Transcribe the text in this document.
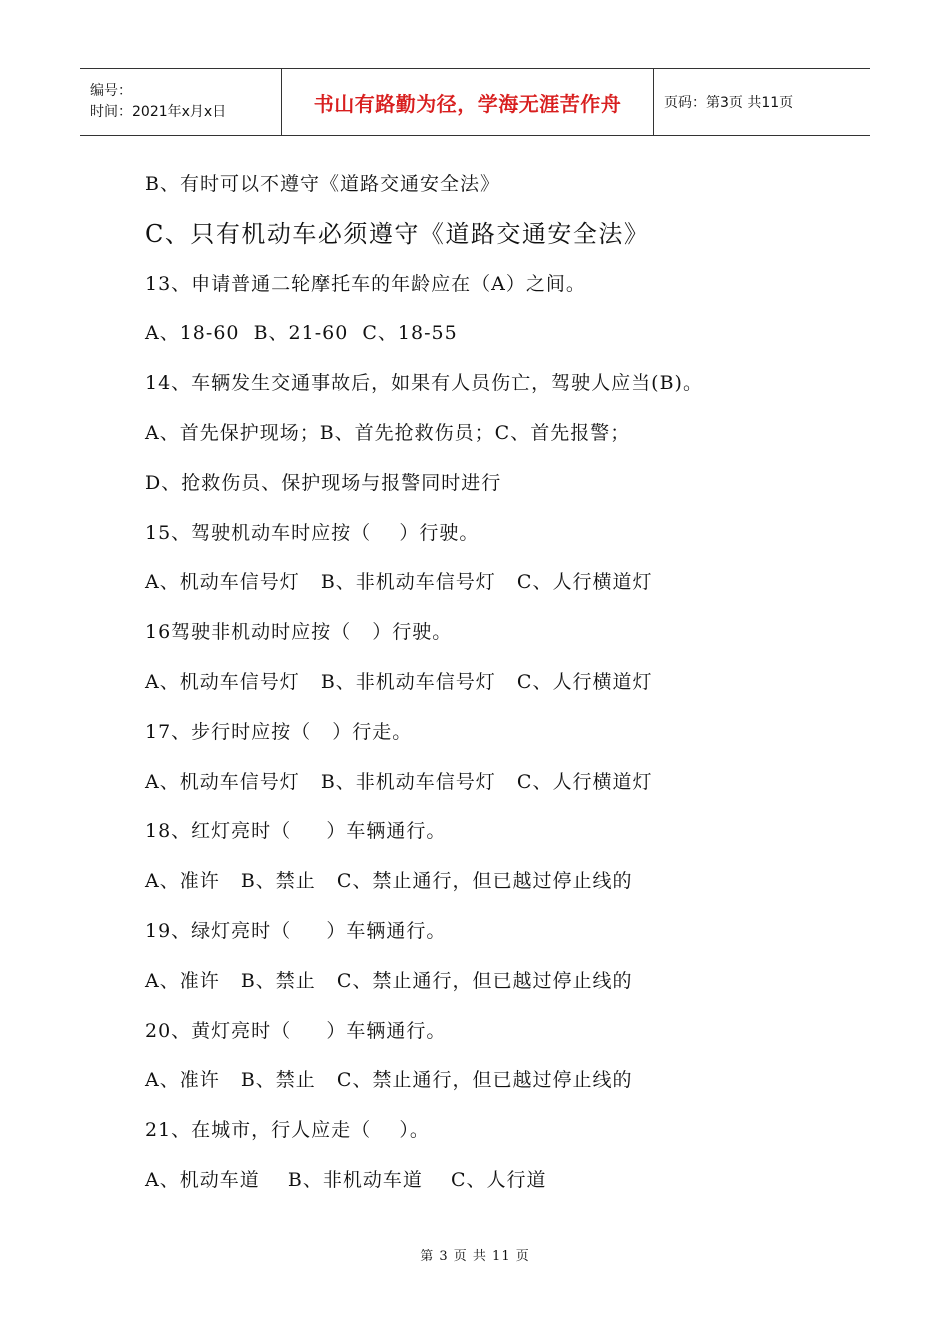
编号：
时间：2021年x月x日	书山有路勤为径，学海无涯苦作舟	页码：第3页 共11页
B、有时可以不遵守《道路交通安全法》
C、只有机动车必须遵守《道路交通安全法》
13、申请普通二轮摩托车的年龄应在（A）之间。
A、18-60  B、21-60  C、18-55
14、车辆发生交通事故后，如果有人员伤亡，驾驶人应当(B)。
A、首先保护现场；B、首先抢救伤员；C、首先报警；
D、抢救伤员、保护现场与报警同时进行
15、驾驶机动车时应按（    ）行驶。
A、机动车信号灯   B、非机动车信号灯   C、人行横道灯
16驾驶非机动时应按（   ）行驶。
A、机动车信号灯   B、非机动车信号灯   C、人行横道灯
17、步行时应按（   ）行走。
A、机动车信号灯   B、非机动车信号灯   C、人行横道灯
18、红灯亮时（     ）车辆通行。
A、准许   B、禁止   C、禁止通行，但已越过停止线的
19、绿灯亮时（     ）车辆通行。
A、准许   B、禁止   C、禁止通行，但已越过停止线的
20、黄灯亮时（     ）车辆通行。
A、准许   B、禁止   C、禁止通行，但已越过停止线的
21、在城市，行人应走（    ）。
A、机动车道    B、非机动车道    C、人行道
第 3 页 共 11 页
